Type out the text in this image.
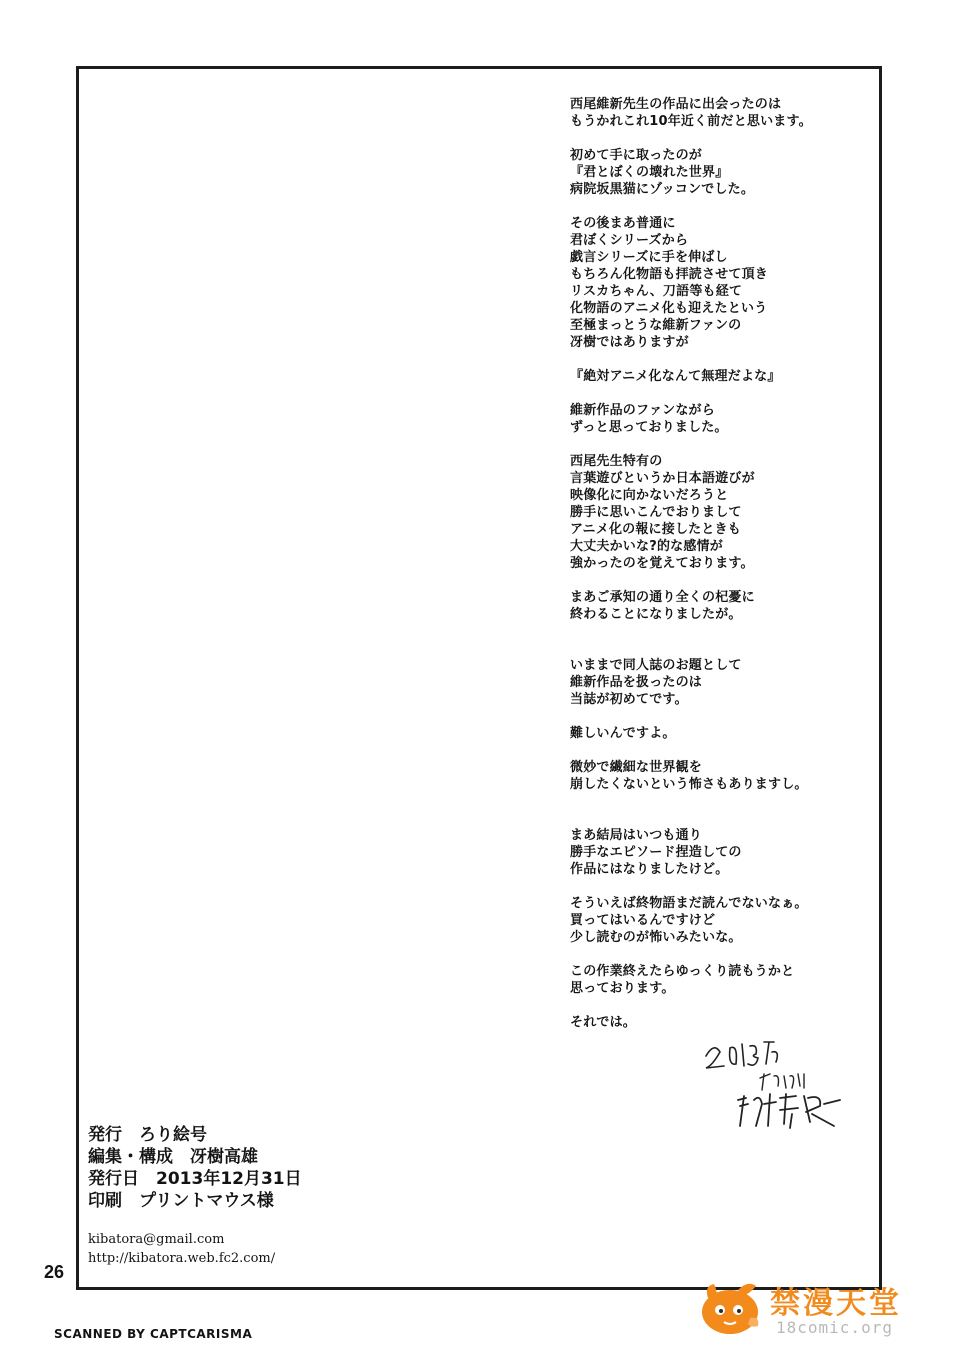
西尾維新先生の作品に出会ったのは
もうかれこれ10年近く前だと思います。

初めて手に取ったのが
『君とぼくの壊れた世界』
病院坂黒猫にゾッコンでした。

その後まあ普通に
君ぼくシリーズから
戯言シリーズに手を伸ばし
もちろん化物語も拝読させて頂き
リスカちゃん、刀語等も経て
化物語のアニメ化も迎えたという
至極まっとうな維新ファンの
冴樹ではありますが

『絶対アニメ化なんて無理だよな』

維新作品のファンながら
ずっと思っておりました。

西尾先生特有の
言葉遊びというか日本語遊びが
映像化に向かないだろうと
勝手に思いこんでおりまして
アニメ化の報に接したときも
大丈夫かいな?的な感情が
強かったのを覚えております。

まあご承知の通り全くの杞憂に
終わることになりましたが。

いままで同人誌のお題として
維新作品を扱ったのは
当誌が初めてです。

難しいんですよ。

微妙で繊細な世界観を
崩したくないという怖さもありますし。

まあ結局はいつも通り
勝手なエピソード捏造しての
作品にはなりましたけど。

そういえば終物語まだ読んでないなぁ。
買ってはいるんですけど
少し読むのが怖いみたいな。

この作業終えたらゆっくり読もうかと
思っております。

それでは。

2013冬
発行　ろり絵号
編集・構成　冴樹高雄
発行日　2013年12月31日
印刷　プリントマウス様
kibatora@gmail.com
http://kibatora.web.fc2.com/
26
SCANNED BY CAPTCARISMA
禁漫天堂
18comic.org
